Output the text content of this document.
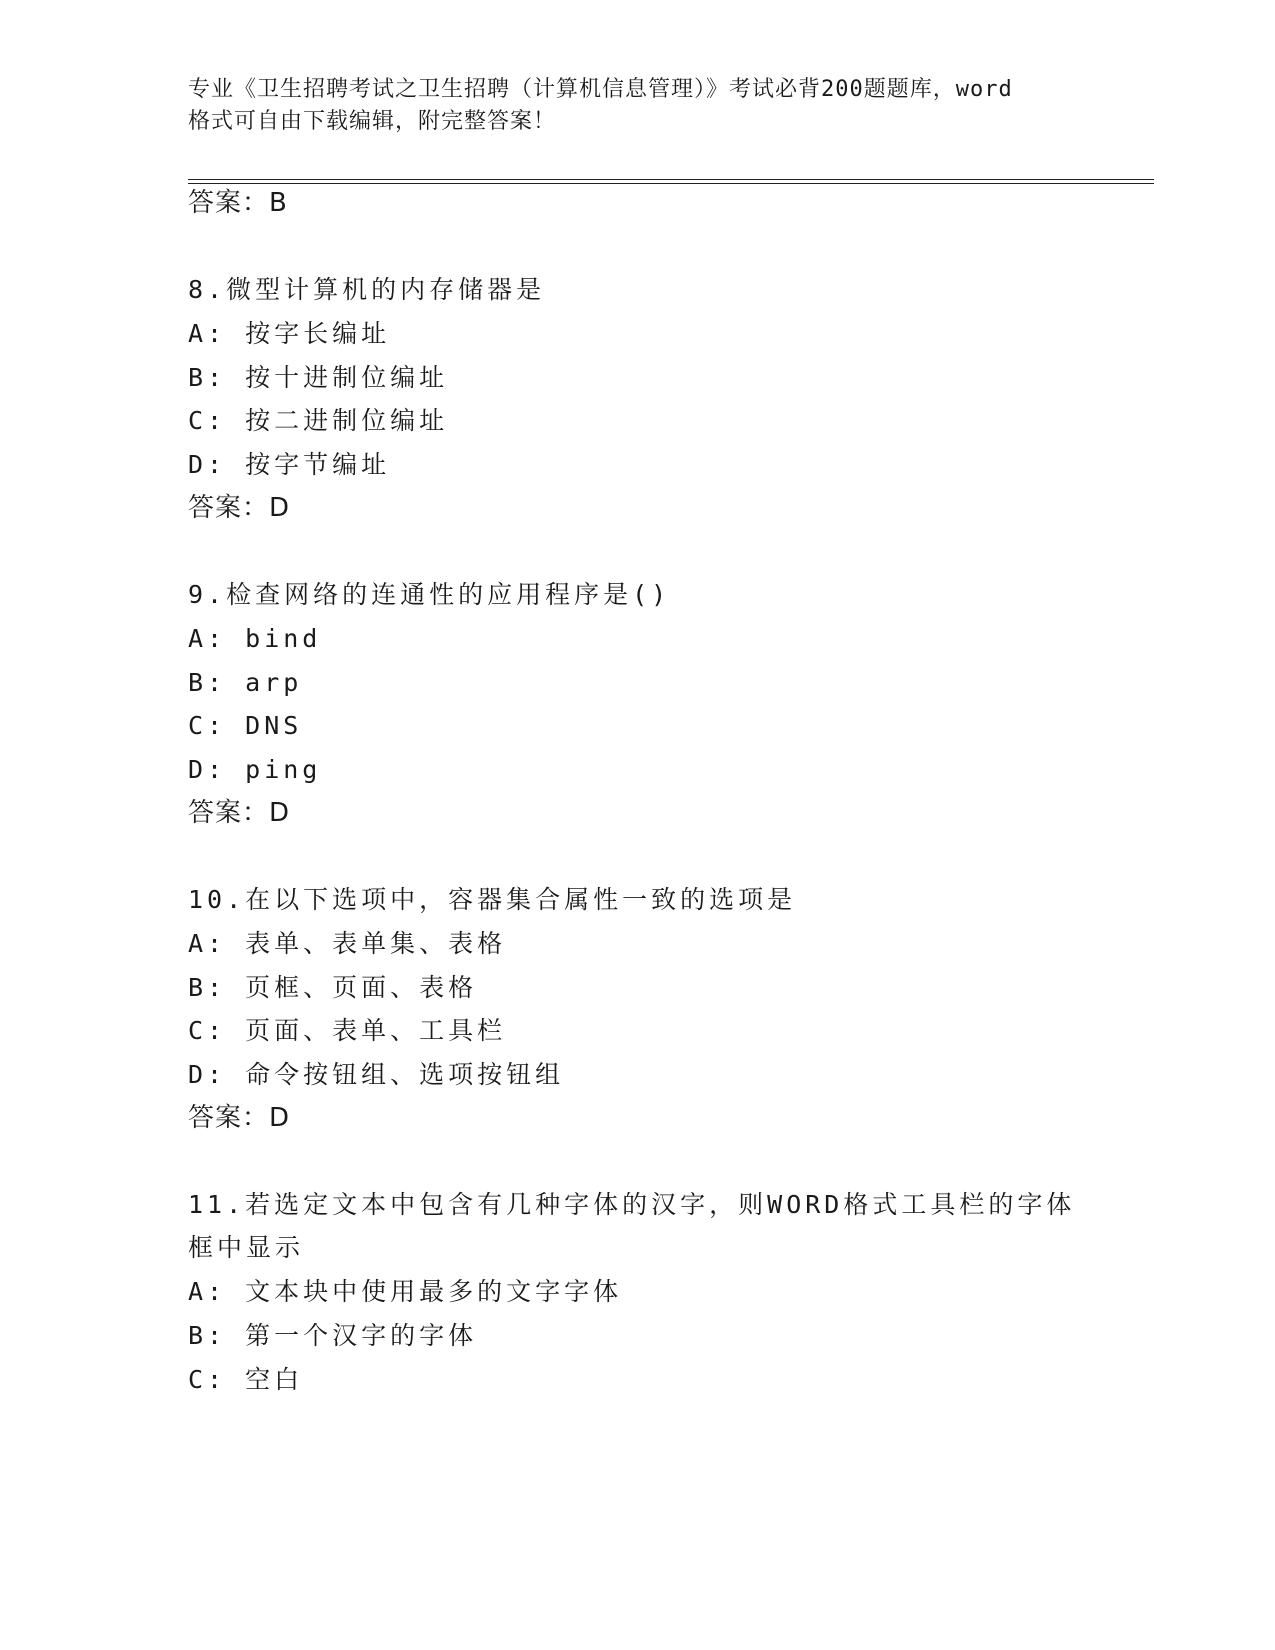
专业《卫生招聘考试之卫生招聘（计算机信息管理）》考试必背200题题库，word
格式可自由下载编辑，附完整答案！
答案：B
8.微型计算机的内存储器是
A: 按字长编址
B: 按十进制位编址
C: 按二进制位编址
D: 按字节编址
答案：D
9.检查网络的连通性的应用程序是()
A: bind
B: arp
C: DNS
D: ping
答案：D
10.在以下选项中，容器集合属性一致的选项是
A: 表单、表单集、表格
B: 页框、页面、表格
C: 页面、表单、工具栏
D: 命令按钮组、选项按钮组
答案：D
11.若选定文本中包含有几种字体的汉字，则WORD格式工具栏的字体
框中显示
A: 文本块中使用最多的文字字体
B: 第一个汉字的字体
C: 空白
